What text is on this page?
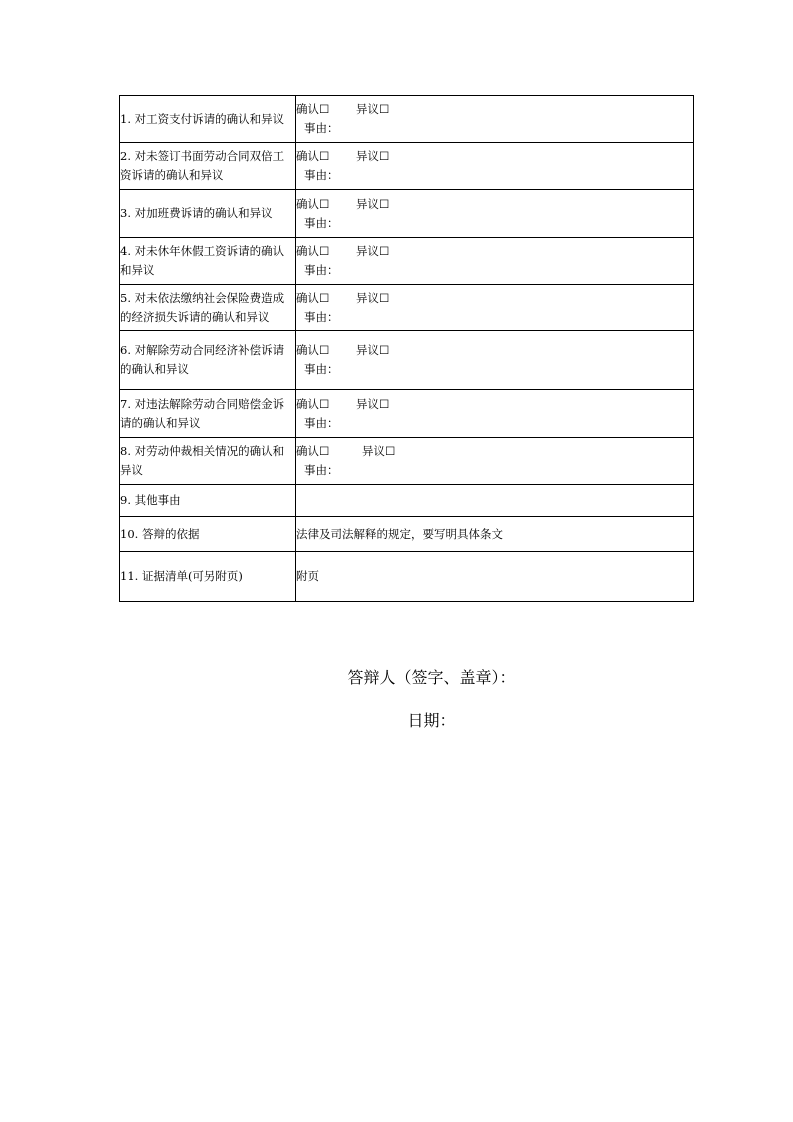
1. 对工资支付诉请的确认和异议	确认☐ 异议☐
事由：

2. 对未签订书面劳动合同双倍工资诉请的确认和异议	确认☐ 异议☐
事由：

3. 对加班费诉请的确认和异议	确认☐ 异议☐
事由：

4. 对未休年休假工资诉请的确认和异议	确认☐ 异议☐
事由：

5. 对未依法缴纳社会保险费造成的经济损失诉请的确认和异议	确认☐ 异议☐
事由：

6. 对解除劳动合同经济补偿诉请的确认和异议	确认☐ 异议☐
事由：

7. 对违法解除劳动合同赔偿金诉请的确认和异议	确认☐ 异议☐
事由：

8. 对劳动仲裁相关情况的确认和异议	确认☐ 异议☐
事由：

9. 其他事由	

10. 答辩的依据	法律及司法解释的规定，要写明具体条文

11. 证据清单(可另附页)	附页
答辩人（签字、盖章）：
日期：
